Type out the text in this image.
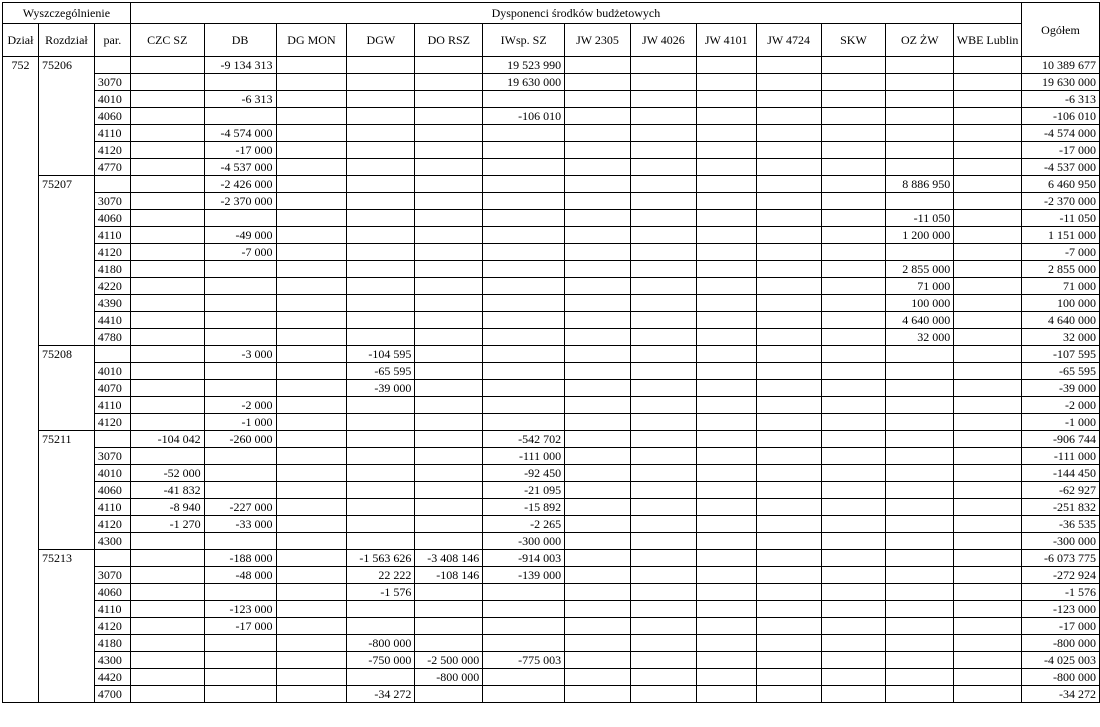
Wyszczególnienie			Dysponenci środków budżetowych													Ogółem
Dział	Rozdział	par.	CZC SZ	DB	DG MON	DGW	DO RSZ	IWsp. SZ	JW 2305	JW 4026	JW 4101	JW 4724	SKW	OZ ŻW	WBE Lublin	
752	75206			-9 134 313				19 523 990								10 389 677
		3070						19 630 000								19 630 000
		4010		-6 313												-6 313
		4060						-106 010								-106 010
		4110		-4 574 000												-4 574 000
		4120		-17 000												-17 000
		4770		-4 537 000												-4 537 000
	75207			-2 426 000										8 886 950		6 460 950
		3070		-2 370 000												-2 370 000
		4060												-11 050		-11 050
		4110		-49 000										1 200 000		1 151 000
		4120		-7 000												-7 000
		4180												2 855 000		2 855 000
		4220												71 000		71 000
		4390												100 000		100 000
		4410												4 640 000		4 640 000
		4780												32 000		32 000
	75208			-3 000		-104 595										-107 595
		4010				-65 595										-65 595
		4070				-39 000										-39 000
		4110		-2 000												-2 000
		4120		-1 000												-1 000
	75211		-104 042	-260 000				-542 702								-906 744
		3070						-111 000								-111 000
		4010	-52 000					-92 450								-144 450
		4060	-41 832					-21 095								-62 927
		4110	-8 940	-227 000				-15 892								-251 832
		4120	-1 270	-33 000				-2 265								-36 535
		4300						-300 000								-300 000
	75213			-188 000		-1 563 626	-3 408 146	-914 003								-6 073 775
		3070		-48 000		22 222	-108 146	-139 000								-272 924
		4060				-1 576										-1 576
		4110		-123 000												-123 000
		4120		-17 000												-17 000
		4180				-800 000										-800 000
		4300				-750 000	-2 500 000	-775 003								-4 025 003
		4420					-800 000									-800 000
		4700				-34 272										-34 272
